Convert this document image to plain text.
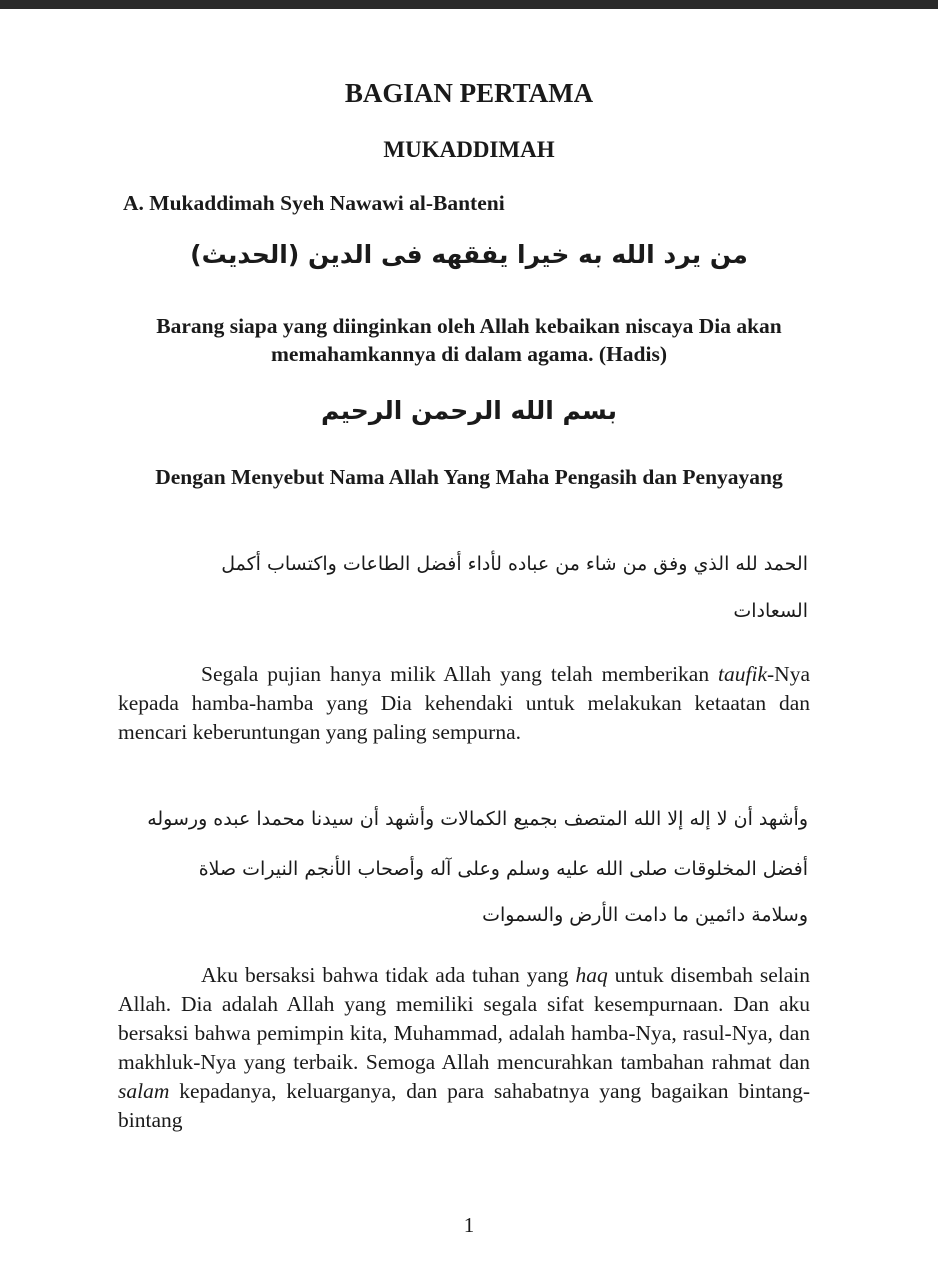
BAGIAN PERTAMA
MUKADDIMAH
A. Mukaddimah Syeh Nawawi al-Banteni

من يرد الله به خيرا يفقهه فى الدين (الحديث)

Barang siapa yang diinginkan oleh Allah kebaikan niscaya Dia akan memahamkannya di dalam agama. (Hadis)

بسم الله الرحمن الرحيم

Dengan Menyebut Nama Allah Yang Maha Pengasih dan Penyayang

الحمد لله الذي وفق من شاء من عباده لأداء أفضل الطاعات واكتساب أكمل

السعادات

Segala pujian hanya milik Allah yang telah memberikan taufik-Nya kepada hamba-hamba yang Dia kehendaki untuk melakukan ketaatan dan mencari keberuntungan yang paling sempurna.

وأشهد أن لا إله إلا الله المتصف بجميع الكمالات وأشهد أن سيدنا محمدا عبده ورسوله

أفضل المخلوقات صلى الله عليه وسلم وعلى آله وأصحاب الأنجم النيرات صلاة

وسلامة دائمين ما دامت الأرض والسموات

Aku bersaksi bahwa tidak ada tuhan yang haq untuk disembah selain Allah. Dia adalah Allah yang memiliki segala sifat kesempurnaan. Dan aku bersaksi bahwa pemimpin kita, Muhammad, adalah hamba-Nya, rasul-Nya, dan makhluk-Nya yang terbaik. Semoga Allah mencurahkan tambahan rahmat dan salam kepadanya, keluarganya, dan para sahabatnya yang bagaikan bintang-bintang

1
